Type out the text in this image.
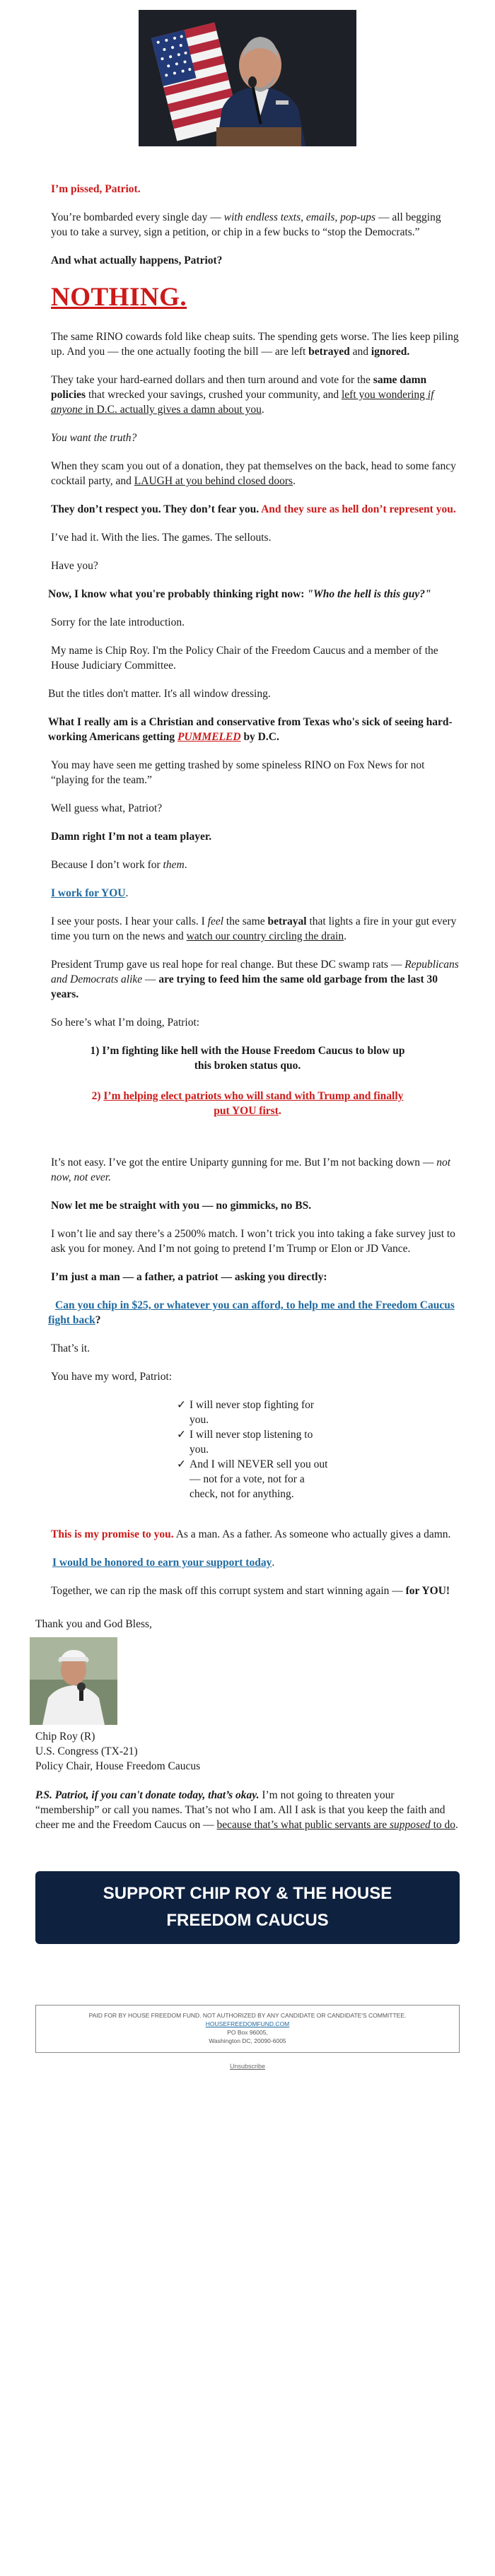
I’m pissed, Patriot.

You’re bombarded every single day — with endless texts, emails, pop-ups — all begging you to take a survey, sign a petition, or chip in a few bucks to “stop the Democrats.”

And what actually happens, Patriot?

NOTHING.

The same RINO cowards fold like cheap suits. The spending gets worse. The lies keep piling up. And you — the one actually footing the bill — are left betrayed and ignored.

They take your hard-earned dollars and then turn around and vote for the same damn policies that wrecked your savings, crushed your community, and left you wondering if anyone in D.C. actually gives a damn about you.

You want the truth?

When they scam you out of a donation, they pat themselves on the back, head to some fancy cocktail party, and LAUGH at you behind closed doors.

They don’t respect you. They don’t fear you. And they sure as hell don’t represent you.

I’ve had it. With the lies. The games. The sellouts.

Have you?

Now, I know what you're probably thinking right now: "Who the hell is this guy?"

Sorry for the late introduction.

My name is Chip Roy. I'm the Policy Chair of the Freedom Caucus and a member of the House Judiciary Committee.

But the titles don't matter. It's all window dressing.

What I really am is a Christian and conservative from Texas who's sick of seeing hard-working Americans getting PUMMELED by D.C.

You may have seen me getting trashed by some spineless RINO on Fox News for not “playing for the team.”

Well guess what, Patriot?

Damn right I’m not a team player.

Because I don’t work for them.

I work for YOU.

I see your posts. I hear your calls. I feel the same betrayal that lights a fire in your gut every time you turn on the news and watch our country circling the drain.

President Trump gave us real hope for real change. But these DC swamp rats — Republicans and Democrats alike — are trying to feed him the same old garbage from the last 30 years.

So here’s what I’m doing, Patriot:

1) I’m fighting like hell with the House Freedom Caucus to blow up this broken status quo.

2) I’m helping elect patriots who will stand with Trump and finally put YOU first.

It’s not easy. I’ve got the entire Uniparty gunning for me. But I’m not backing down — not now, not ever.

Now let me be straight with you — no gimmicks, no BS.

I won’t lie and say there’s a 2500% match. I won’t trick you into taking a fake survey just to ask you for money. And I’m not going to pretend I’m Trump or Elon or JD Vance.

I’m just a man — a father, a patriot — asking you directly:

Can you chip in $25, or whatever you can afford, to help me and the Freedom Caucus fight back?

That’s it.

You have my word, Patriot:

✓ I will never stop fighting for you.
✓ I will never stop listening to you.
✓ And I will NEVER sell you out — not for a vote, not for a check, not for anything.

This is my promise to you. As a man. As a father. As someone who actually gives a damn.

I would be honored to earn your support today.

Together, we can rip the mask off this corrupt system and start winning again — for YOU!

Thank you and God Bless,
Chip Roy (R)
U.S. Congress (TX-21)
Policy Chair, House Freedom Caucus

P.S. Patriot, if you can't donate today, that’s okay. I’m not going to threaten your “membership” or call you names. That’s not who I am. All I ask is that you keep the faith and cheer me and the Freedom Caucus on — because that’s what public servants are supposed to do.

SUPPORT CHIP ROY & THE HOUSE
FREEDOM CAUCUS
PAID FOR BY HOUSE FREEDOM FUND. NOT AUTHORIZED BY ANY CANDIDATE OR CANDIDATE'S COMMITTEE.
HOUSEFREEDOMFUND.COM
PO Box 96005,
Washington DC, 20090-6005
Unsubscribe
